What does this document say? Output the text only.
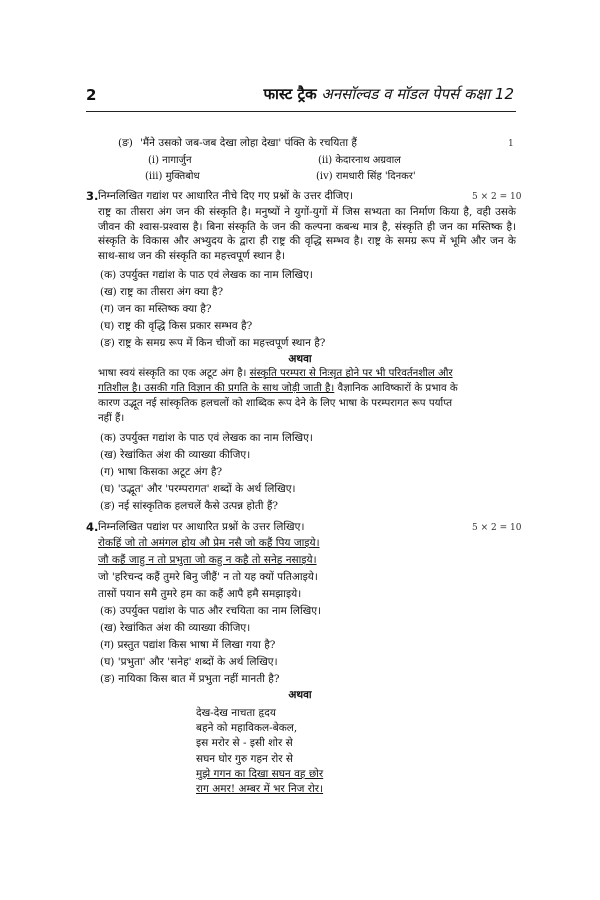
2	फास्ट ट्रैक अनसॉल्वड व मॉडल पेपर्स कक्षा 12
(ङ) 'मैंने उसको जब-जब देखा लोहा देखा' पंक्ति के रचयिता हैं	1
(i) नागार्जुन	(ii) केदारनाथ अग्रवाल
(iii) मुक्तिबोध	(iv) रामधारी सिंह 'दिनकर'
3. निम्नलिखित गद्यांश पर आधारित नीचे दिए गए प्रश्नों के उत्तर दीजिए।	5 × 2 = 10
राष्ट्र का तीसरा अंग जन की संस्कृति है। मनुष्यों ने युगों-युगों में जिस सभ्यता का निर्माण किया है, वही उसके जीवन की श्वास-प्रश्वास है। बिना संस्कृति के जन की कल्पना कबन्ध मात्र है, संस्कृति ही जन का मस्तिष्क है। संस्कृति के विकास और अभ्युदय के द्वारा ही राष्ट्र की वृद्धि सम्भव है। राष्ट्र के समग्र रूप में भूमि और जन के साथ-साथ जन की संस्कृति का महत्त्वपूर्ण स्थान है।
(क) उपर्युक्त गद्यांश के पाठ एवं लेखक का नाम लिखिए।
(ख) राष्ट्र का तीसरा अंग क्या है?
(ग) जन का मस्तिष्क क्या है?
(घ) राष्ट्र की वृद्धि किस प्रकार सम्भव है?
(ङ) राष्ट्र के समग्र रूप में किन चीजों का महत्त्वपूर्ण स्थान है?
अथवा
भाषा स्वयं संस्कृति का एक अटूट अंग है। संस्कृति परम्परा से निःसृत होने पर भी परिवर्तनशील और
गतिशील है। उसकी गति विज्ञान की प्रगति के साथ जोड़ी जाती है। वैज्ञानिक आविष्कारों के प्रभाव के
कारण उद्भूत नई सांस्कृतिक हलचलों को शाब्दिक रूप देने के लिए भाषा के परम्परागत रूप पर्याप्त
नहीं हैं।
(क) उपर्युक्त गद्यांश के पाठ एवं लेखक का नाम लिखिए।
(ख) रेखांकित अंश की व्याख्या कीजिए।
(ग) भाषा किसका अटूट अंग है?
(घ) 'उद्भूत' और 'परम्परागत' शब्दों के अर्थ लिखिए।
(ङ) नई सांस्कृतिक हलचलें कैसे उत्पन्न होती हैं?
4. निम्नलिखित पद्यांश पर आधारित प्रश्नों के उत्तर लिखिए।	5 × 2 = 10
रोकहिं जो तो अमंगल होय औ प्रेम नसै जो कहैं पिय जाइये।
जौ कहैं जाहु न तो प्रभुता जो कहु न कहै तो सनेह नसाइये।
जो 'हरिचन्द कहैं तुमरे बिनु जीहैं' न तो यह क्यों पतिआइये।
तासों पयान समै तुमरे हम का कहैं आपै हमै समझाइये।
(क) उपर्युक्त पद्यांश के पाठ और रचयिता का नाम लिखिए।
(ख) रेखांकित अंश की व्याख्या कीजिए।
(ग) प्रस्तुत पद्यांश किस भाषा में लिखा गया है?
(घ) 'प्रभुता' और 'सनेह' शब्दों के अर्थ लिखिए।
(ङ) नायिका किस बात में प्रभुता नहीं मानती है?
अथवा
देख-देख नाचता हृदय
बहने को महाविकल-बेकल,
इस मरोर से - इसी शोर से
सघन घोर गुरु गहन रोर से
मुझे गगन का दिखा सघन वह छोर
राग अमर! अम्बर में भर निज रोर।
